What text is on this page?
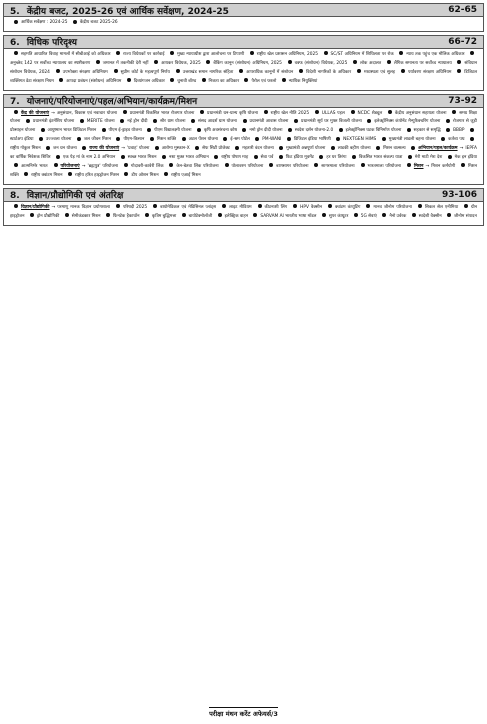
5. केंद्रीय बजट, 2025-26 एवं आर्थिक सर्वेक्षण, 2024-25	62-65
आर्थिक सर्वेक्षण : 2024-25	केंद्रीय बजट 2025-26
6. विधिक परिदृश्य	66-72
सहमति आधारित विवाह मामलों में सीबीआई को अधिकार	राज्य विधेयकों पर कार्रवाई	मुख्य न्यायाधीश द्वारा आलोचना पर टिप्पणी	राष्ट्रीय खेल प्रशासन अधिनियम, 2025	SC/ST अधिनियम में शिथिलता पर रोक	न्याय तक पहुंच एक मौलिक अधिकार अनुच्छेद 142 पर सर्वोच्च न्यायालय का स्पष्टीकरण	जमानत में तकनीकी देरी नहीं	आयकर विधेयक, 2025	बैंकिंग कानून (संशोधन) अधिनियम, 2025	वक्फ (संशोधन) विधेयक, 2025	लोक अदालत	लैंगिक समानता पर सर्वोच्च न्यायालय	संविधान संशोधन विधेयक, 2024	उपभोक्ता संरक्षण अधिनियम	सुप्रीम कोर्ट के महत्वपूर्ण निर्णय	उत्तराखंड समान नागरिक संहिता	आपराधिक कानूनों में संशोधन	विदेशी नागरिकों के अधिकार	मध्यस्थता एवं सुलह	पर्यावरण संरक्षण अधिनियम	डिजिटल व्यक्तिगत डेटा संरक्षण नियम	आपदा प्रबंधन (संशोधन) अधिनियम	दिव्यांगजन अधिकार	चुनावी बॉण्ड	निजता का अधिकार	पैरोल एवं फरलो	न्यायिक नियुक्तियां
7. योजनाएं/परियोजनाएं/पहल/अभियान/कार्यक्रम/मिशन	73-92
केंद्र की योजनाएं → अनुसंधान, विकास एवं नवाचार योजना	प्रधानमंत्री विकसित भारत रोजगार योजना	प्रधानमंत्री धन-धान्य कृषि योजना	राष्ट्रीय खेल नीति 2025	ULLAS पहल	NCDC शेड्यूल	केंद्रीय अनुसंधान सहायता योजना	समग्र शिक्षा योजना	प्रधानमंत्री इंटर्नशिप योजना	MERITE योजना	नई ड्रोन दीदी	सौर ग्राम योजना	संसद आदर्श ग्राम योजना	प्रधानमंत्री आवास योजना	प्रधानमंत्री सूर्य घर मुफ्त बिजली योजना	इलेक्ट्रॉनिक्स कंपोनेंट मैन्युफैक्चरिंग योजना	रोजगार से जुड़ी प्रोत्साहन योजना	आयुष्मान भारत डिजिटल मिशन	पीएम ई-ड्राइव योजना	पीएम विद्यालक्ष्मी योजना	कृषि अवसंरचना कोष	नमो ड्रोन दीदी योजना	स्वदेश दर्शन योजना-2.0	इलेक्ट्रॉनिक्स घटक विनिर्माण योजना	सहकार से समृद्धि	BBBP स्टार्टअप इंडिया	उज्ज्वला योजना	जल जीवन मिशन	पीएम-किसान	मिशन शक्ति	अटल पेंशन योजना	ई-श्रम पोर्टल	PM-WANI	डिजिटल इंडिया भाषिणी	NEXTGEN HIMS	मुख्यमंत्री लाडली बहना योजना	कर्तव्य पथ राष्ट्रीय गोकुल मिशन	जन धन योजना	राज्य की योजनाएं → 'प्रवाह' योजना	आरोग्य मुस्कान-X	सेफ सिटी प्रोजेक्ट	महतारी वंदन योजना	मुख्यमंत्री अन्नपूर्णा योजना	लाडकी बहीण योजना	मिशन वात्सल्य	अभियान/पहल/कार्यक्रम → IEPFA का वार्षिक निवेशक शिविर	एक पेड़ मां के नाम 2.0 अभियान	स्वच्छ भारत मिशन	नशा मुक्त भारत अभियान	राष्ट्रीय पोषण माह	सेवा पर्व	फिट इंडिया मूवमेंट	हर घर तिरंगा	विकसित भारत संकल्प यात्रा	मेरी माटी मेरा देश	मेक इन इंडिया आत्मनिर्भर भारत	परियोजनाएं → 'ब्रह्मपुत्र' परियोजना	गोदावरी-कावेरी लिंक	केन-बेतवा लिंक परियोजना	पोलावरम परियोजना	बाणसागर परियोजना	सागरमाला परियोजना	भारतमाला परियोजना	मिशन → मिशन कर्मयोगी	मिशन शक्ति	राष्ट्रीय क्वांटम मिशन	राष्ट्रीय हरित हाइड्रोजन मिशन	डीप ओशन मिशन	राष्ट्रीय एआई मिशन
8. विज्ञान/प्रौद्योगिकी एवं अंतरिक्ष	93-106
विज्ञान/प्रौद्योगिकी → परमाणु मानक विज्ञान प्रयोगशाला	परिषदी 2025	बायोमेडिकल एवं मेडिसिनल प्लांट्स	लाइट मीडियम	कीटनाशी लिंग	HPV वैक्सीन	क्वांटम कंप्यूटिंग	मानव जीनोम परियोजना	सिकल सेल एनीमिया	ग्रीन हाइड्रोजन	ड्रोन प्रौद्योगिकी	सेमीकंडक्टर मिशन	फिनटेक हैकाथॉन	कृत्रिम बुद्धिमत्ता	बायोटेक्नोलॉजी	इलेक्ट्रिक वाहन	SARVAM AI भारतीय भाषा मॉडल	सुपर कंप्यूटर	5G सेवाएं	नैनो उर्वरक	स्वदेशी वैक्सीन	जीनोम संपादन
परीक्षा मंथन करेंट अफेयर्स/3
